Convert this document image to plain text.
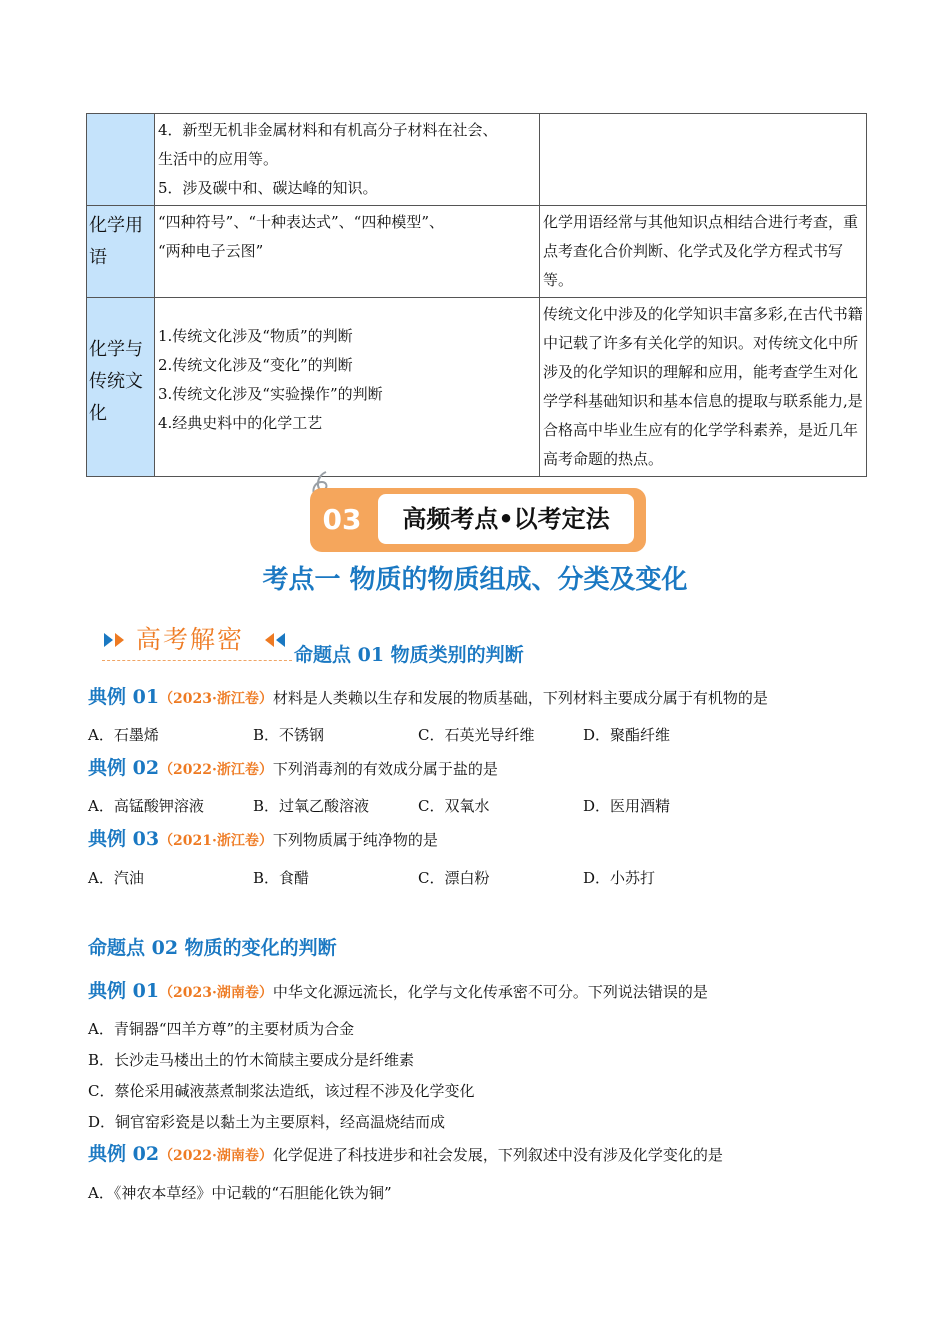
	4．新型无机非金属材料和有机高分子材料在社会、
生活中的应用等。
5．涉及碳中和、碳达峰的知识。	

化学用语	“四种符号”、“十种表达式”、“四种模型”、
“两种电子云图”	化学用语经常与其他知识点相结合进行考查，重点考查化合价判断、化学式及化学方程式书写等。

化学与传统文化	1.传统文化涉及“物质”的判断
2.传统文化涉及“变化”的判断
3.传统文化涉及“实验操作”的判断
4.经典史料中的化学工艺	传统文化中涉及的化学知识丰富多彩,在古代书籍中记载了许多有关化学的知识。对传统文化中所涉及的化学知识的理解和应用，能考查学生对化学学科基础知识和基本信息的提取与联系能力,是合格高中毕业生应有的化学学科素养，是近几年高考命题的热点。
03	高频考点•以考定法
考点一 物质的物质组成、分类及变化
高考解密
命题点 01 物质类别的判断
典例 01（2023·浙江卷）材料是人类赖以生存和发展的物质基础，下列材料主要成分属于有机物的是
A．石墨烯	B．不锈钢	C．石英光导纤维	D．聚酯纤维
典例 02（2022·浙江卷）下列消毒剂的有效成分属于盐的是
A．高锰酸钾溶液	B．过氧乙酸溶液	C．双氧水	D．医用酒精
典例 03（2021·浙江卷）下列物质属于纯净物的是
A．汽油	B．食醋	C．漂白粉	D．小苏打
命题点 02 物质的变化的判断
典例 01（2023·湖南卷）中华文化源远流长，化学与文化传承密不可分。下列说法错误的是
A．青铜器“四羊方尊”的主要材质为合金
B．长沙走马楼出土的竹木简牍主要成分是纤维素
C．蔡伦采用碱液蒸煮制浆法造纸，该过程不涉及化学变化
D．铜官窑彩瓷是以黏土为主要原料，经高温烧结而成
典例 02（2022·湖南卷）化学促进了科技进步和社会发展，下列叙述中没有涉及化学变化的是
A．《神农本草经》中记载的“石胆能化铁为铜”
